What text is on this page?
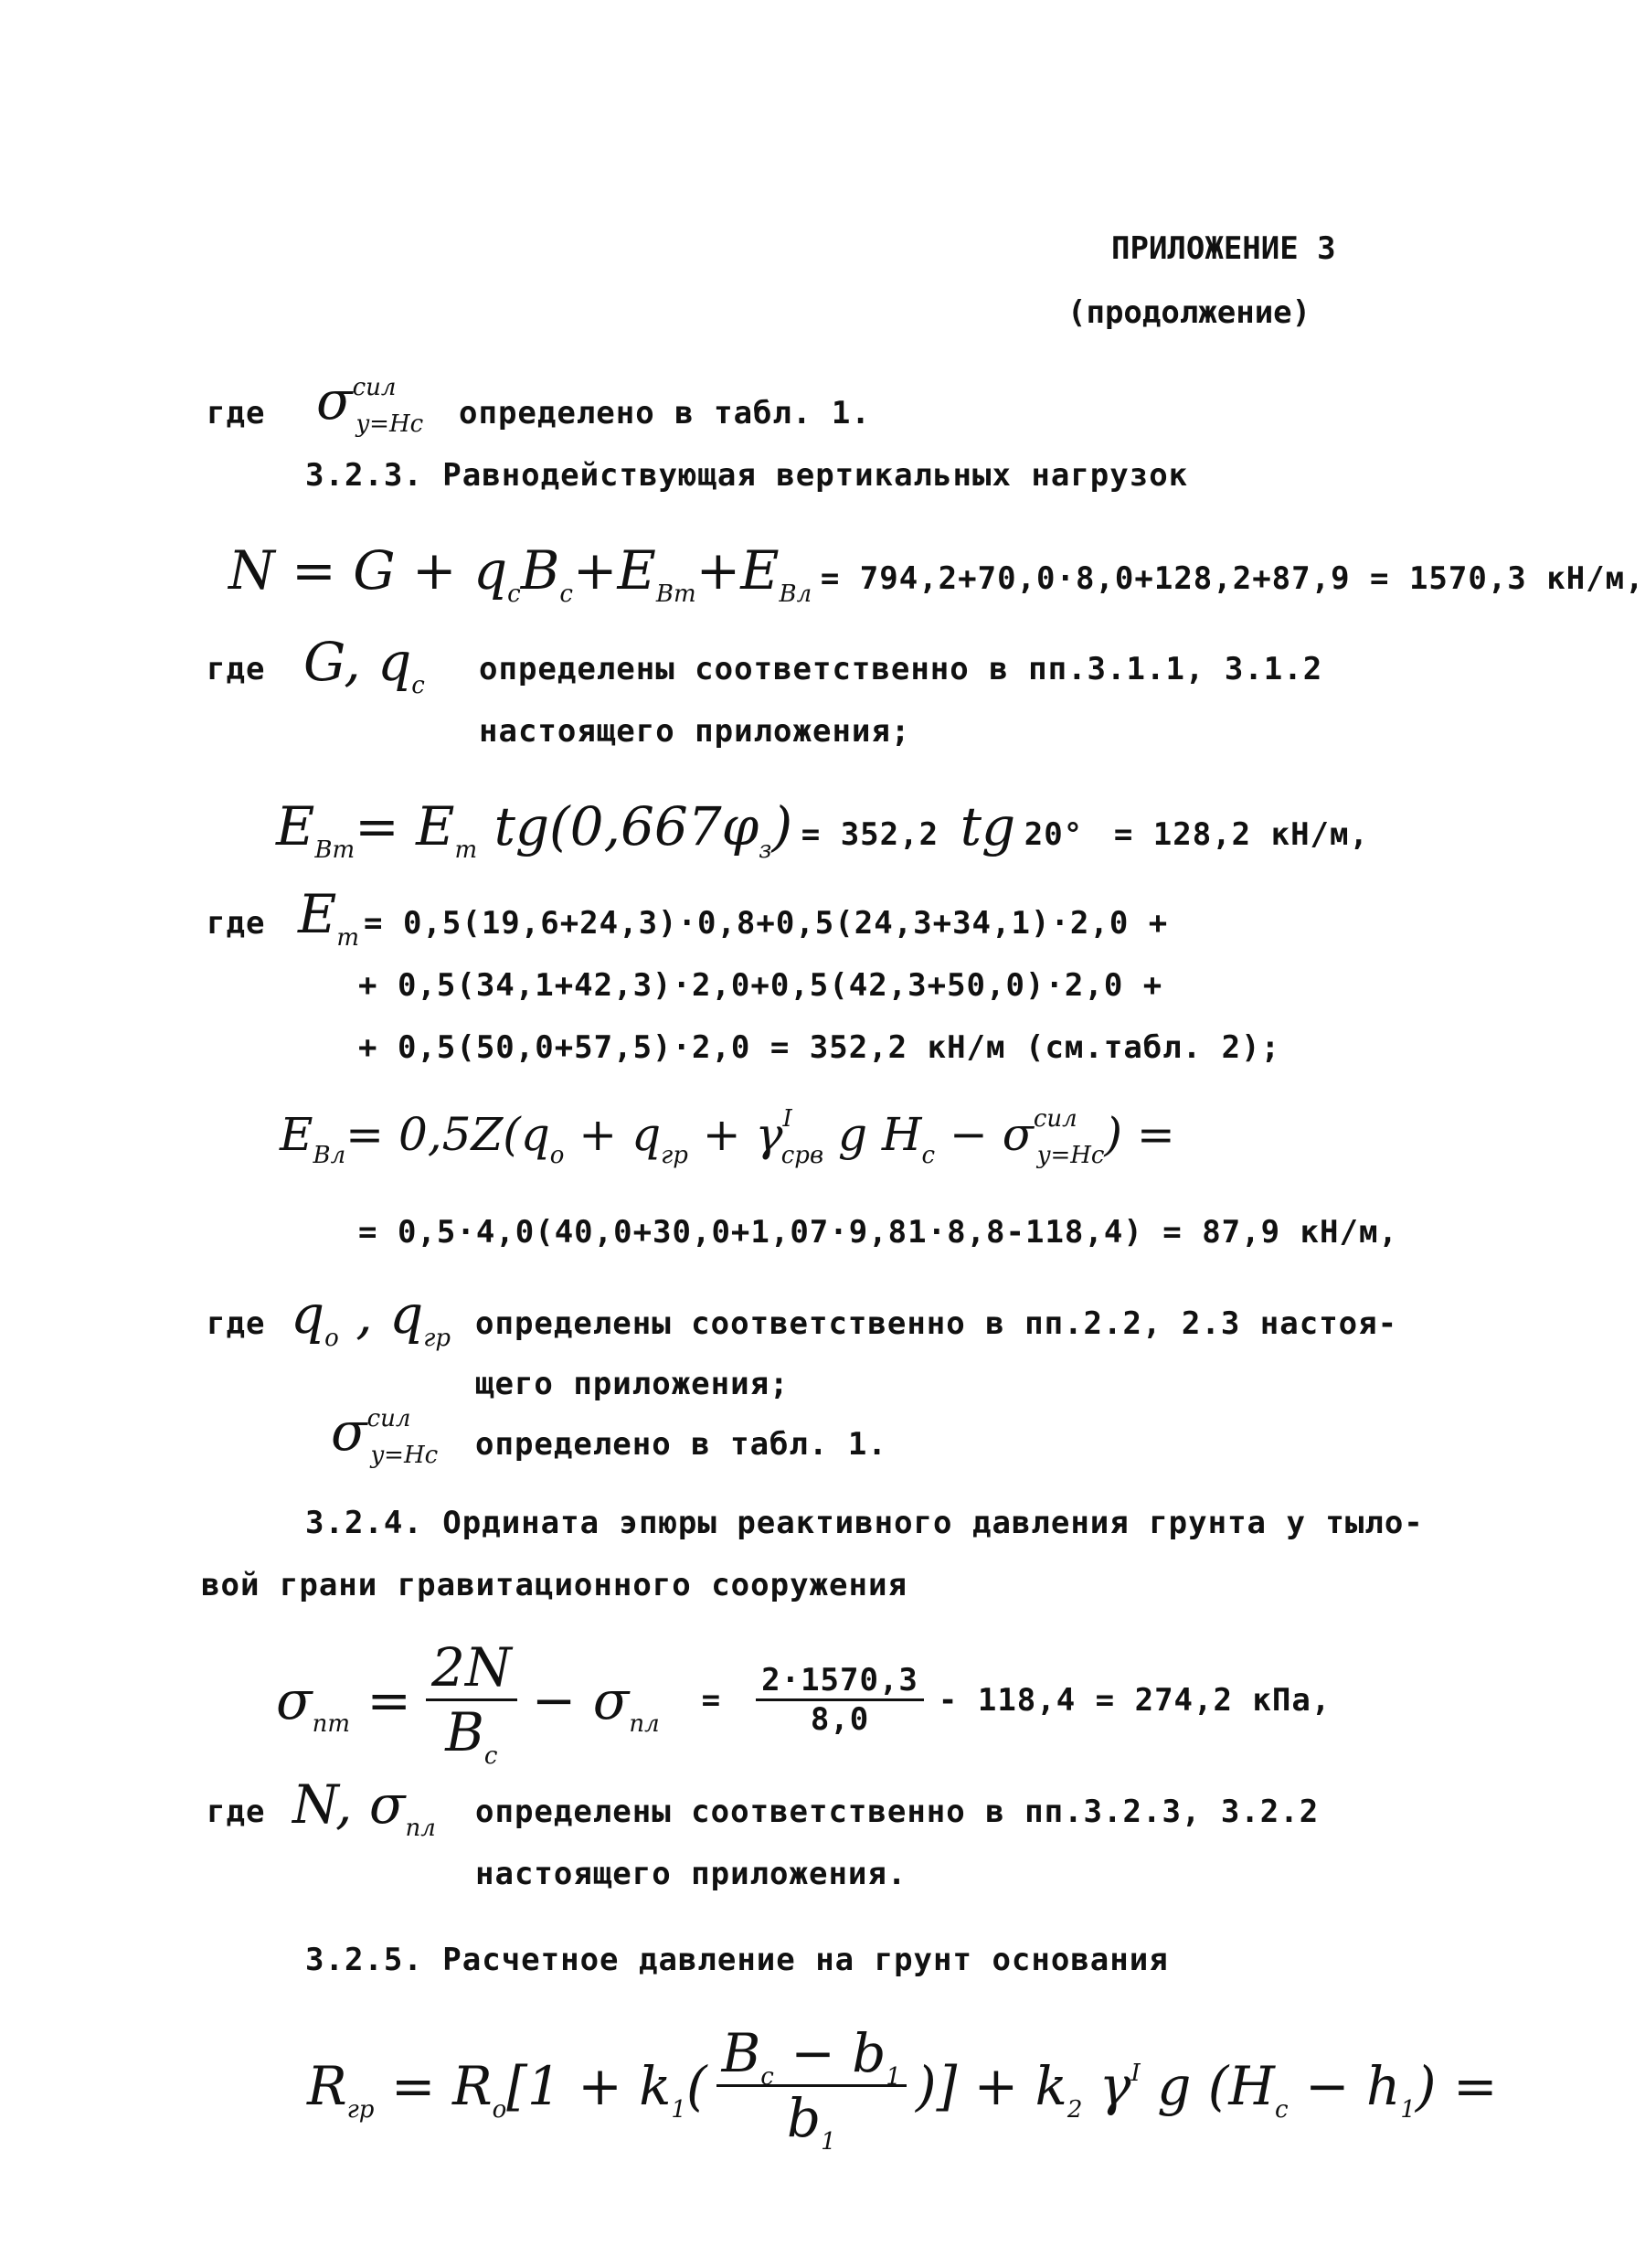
ПРИЛОЖЕНИЕ 3
(продолжение)
где $\sigma^{сил}_{y=Hc}$ определено в табл. 1.
3.2.3. Равнодействующая вертикальных нагрузок
$N = G + q_cB_c+E_{Bт}+E_{Bл} = 794,2+70,0\cdot 8,0+128,2+87,9 = 1570,3$ кН/м,
где G, $q_c$ определены соответственно в пп.3.1.1, 3.1.2
настоящего приложения;
$E_{Bт}= E_т$ $tg(0,667\varphi_з) = 352,2$ tg 20° = 128,2 кН/м,
где $E_т = 0,5(19,6+24,3)\cdot 0,8+0,5(24,3+34,1)\cdot 2,0$ +
+ 0,5(34,1+42,3)·2,0+0,5(42,3+50,0)·2,0 +
+ 0,5(50,0+57,5)·2,0 = 352,2 кН/м (см.табл. 2);
$E_{Bл}= 0,5Z(q_o + q_{гр} + \gamma^I_{срв}$ g $H_c - \sigma^{сил}_{y=Hc}$) =
= 0,5·4,0(40,0+30,0+1,07·9,81·8,8-118,4) = 87,9 кН/м,
где $q_o$ , $q_{гр}$ определены соответственно в пп.2.2, 2.3 настоя-
щего приложения;
$\sigma^{сил}_{y=Hc}$ определено в табл. 1.
3.2.4. Ордината эпюры реактивного давления грунта у тыло-
вой грани гравитационного сооружения
$\sigma_{пт} = \frac{2N}{B_c} - \sigma_{пл}$
= $\frac{2\cdot 1570,3}{8,0} - 118,4 = 274,2$ кПа,
где N, $\sigma_{пл}$ определены соответственно в пп.3.2.3, 3.2.2
настоящего приложения.
3.2.5. Расчетное давление на грунт основания
$R_{гр} = R_o[1 + k_1( \frac{B_c - b_1}{b_1}$ )] + $k_2$ $\gamma^I$ g $(H_c - h_1)$ =
